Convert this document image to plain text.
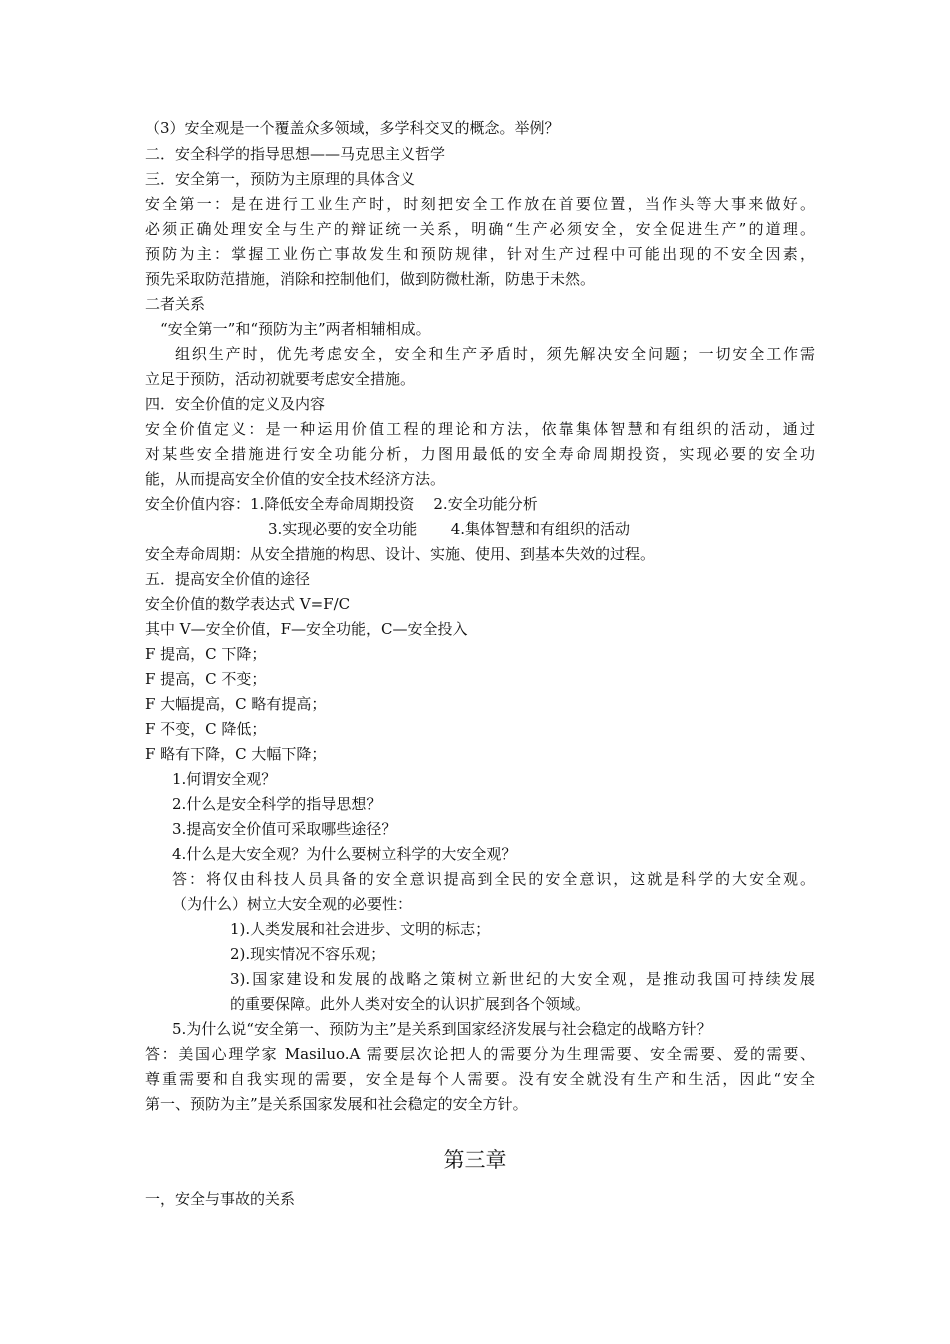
（3）安全观是一个覆盖众多领域，多学科交叉的概念。举例？
二．安全科学的指导思想——马克思主义哲学
三．安全第一，预防为主原理的具体含义
安全第一：是在进行工业生产时，时刻把安全工作放在首要位置，当作头等大事来做好。
必须正确处理安全与生产的辩证统一关系，明确“生产必须安全，安全促进生产”的道理。
预防为主：掌握工业伤亡事故发生和预防规律，针对生产过程中可能出现的不安全因素，
预先采取防范措施，消除和控制他们，做到防微杜渐，防患于未然。
二者关系
“安全第一”和“预防为主”两者相辅相成。
组织生产时，优先考虑安全，安全和生产矛盾时，须先解决安全问题；一切安全工作需
立足于预防，活动初就要考虑安全措施。
四．安全价值的定义及内容
安全价值定义：是一种运用价值工程的理论和方法，依靠集体智慧和有组织的活动，通过
对某些安全措施进行安全功能分析，力图用最低的安全寿命周期投资，实现必要的安全功
能，从而提高安全价值的安全技术经济方法。
安全价值内容：1.降低安全寿命周期投资    2.安全功能分析
3.实现必要的安全功能       4.集体智慧和有组织的活动
安全寿命周期：从安全措施的构思、设计、实施、使用、到基本失效的过程。
五．提高安全价值的途径
安全价值的数学表达式 V=F/C
其中 V—安全价值，F—安全功能，C—安全投入
F 提高，C 下降；
F 提高，C 不变；
F 大幅提高，C 略有提高；
F 不变，C 降低；
F 略有下降，C 大幅下降；
1.何谓安全观？
2.什么是安全科学的指导思想？
3.提高安全价值可采取哪些途径？
4.什么是大安全观？为什么要树立科学的大安全观？
答：将仅由科技人员具备的安全意识提高到全民的安全意识，这就是科学的大安全观。
（为什么）树立大安全观的必要性：
1).人类发展和社会进步、文明的标志；
2).现实情况不容乐观；
3).国家建设和发展的战略之策树立新世纪的大安全观，是推动我国可持续发展
的重要保障。此外人类对安全的认识扩展到各个领域。
5.为什么说“安全第一、预防为主”是关系到国家经济发展与社会稳定的战略方针？
答：美国心理学家 Masiluo.A 需要层次论把人的需要分为生理需要、安全需要、爱的需要、
尊重需要和自我实现的需要，安全是每个人需要。没有安全就没有生产和生活，因此“安全
第一、预防为主”是关系国家发展和社会稳定的安全方针。
第三章
一，安全与事故的关系
